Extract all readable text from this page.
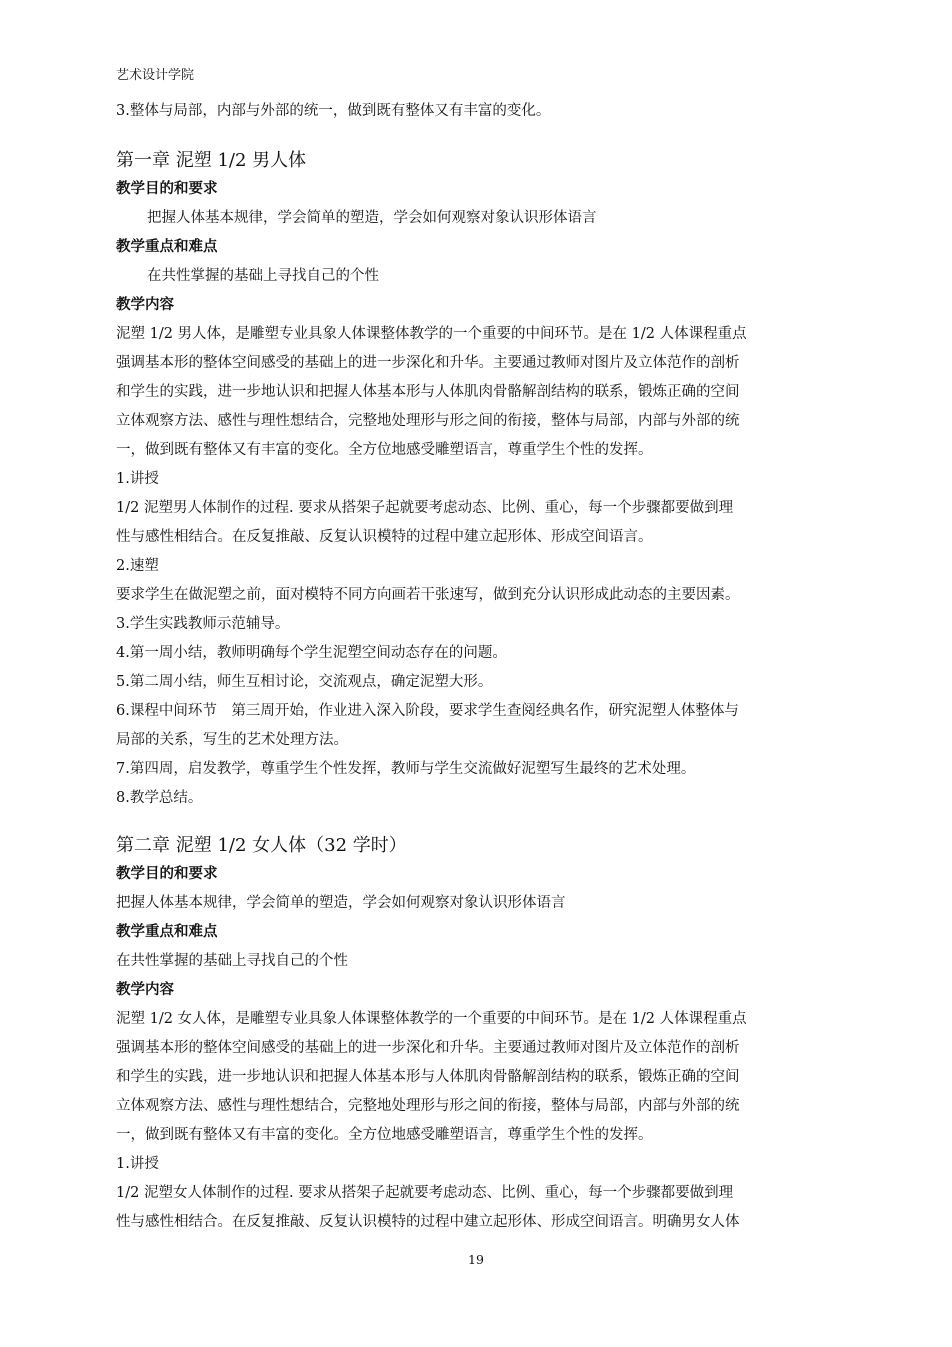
艺术设计学院

3.整体与局部，内部与外部的统一，做到既有整体又有丰富的变化。

第一章 泥塑 1/2 男人体

教学目的和要求

把握人体基本规律，学会简单的塑造，学会如何观察对象认识形体语言

教学重点和难点

在共性掌握的基础上寻找自己的个性

教学内容

泥塑 1/2 男人体，是雕塑专业具象人体课整体教学的一个重要的中间环节。是在 1/2 人体课程重点

强调基本形的整体空间感受的基础上的进一步深化和升华。主要通过教师对图片及立体范作的剖析

和学生的实践，进一步地认识和把握人体基本形与人体肌肉骨骼解剖结构的联系，锻炼正确的空间

立体观察方法、感性与理性想结合，完整地处理形与形之间的衔接，整体与局部，内部与外部的统

一，做到既有整体又有丰富的变化。全方位地感受雕塑语言，尊重学生个性的发挥。

1.讲授

1/2 泥塑男人体制作的过程. 要求从搭架子起就要考虑动态、比例、重心，每一个步骤都要做到理

性与感性相结合。在反复推敲、反复认识模特的过程中建立起形体、形成空间语言。

2.速塑

要求学生在做泥塑之前，面对模特不同方向画若干张速写，做到充分认识形成此动态的主要因素。

3.学生实践教师示范辅导。

4.第一周小结，教师明确每个学生泥塑空间动态存在的问题。

5.第二周小结，师生互相讨论，交流观点，确定泥塑大形。

6.课程中间环节　第三周开始，作业进入深入阶段，要求学生查阅经典名作，研究泥塑人体整体与

局部的关系，写生的艺术处理方法。

7.第四周，启发教学，尊重学生个性发挥，教师与学生交流做好泥塑写生最终的艺术处理。

8.教学总结。

第二章 泥塑 1/2 女人体（32 学时）

教学目的和要求

把握人体基本规律，学会简单的塑造，学会如何观察对象认识形体语言

教学重点和难点

在共性掌握的基础上寻找自己的个性

教学内容

泥塑 1/2 女人体，是雕塑专业具象人体课整体教学的一个重要的中间环节。是在 1/2 人体课程重点

强调基本形的整体空间感受的基础上的进一步深化和升华。主要通过教师对图片及立体范作的剖析

和学生的实践，进一步地认识和把握人体基本形与人体肌肉骨骼解剖结构的联系，锻炼正确的空间

立体观察方法、感性与理性想结合，完整地处理形与形之间的衔接，整体与局部，内部与外部的统

一，做到既有整体又有丰富的变化。全方位地感受雕塑语言，尊重学生个性的发挥。

1.讲授

1/2 泥塑女人体制作的过程. 要求从搭架子起就要考虑动态、比例、重心，每一个步骤都要做到理

性与感性相结合。在反复推敲、反复认识模特的过程中建立起形体、形成空间语言。明确男女人体

19
